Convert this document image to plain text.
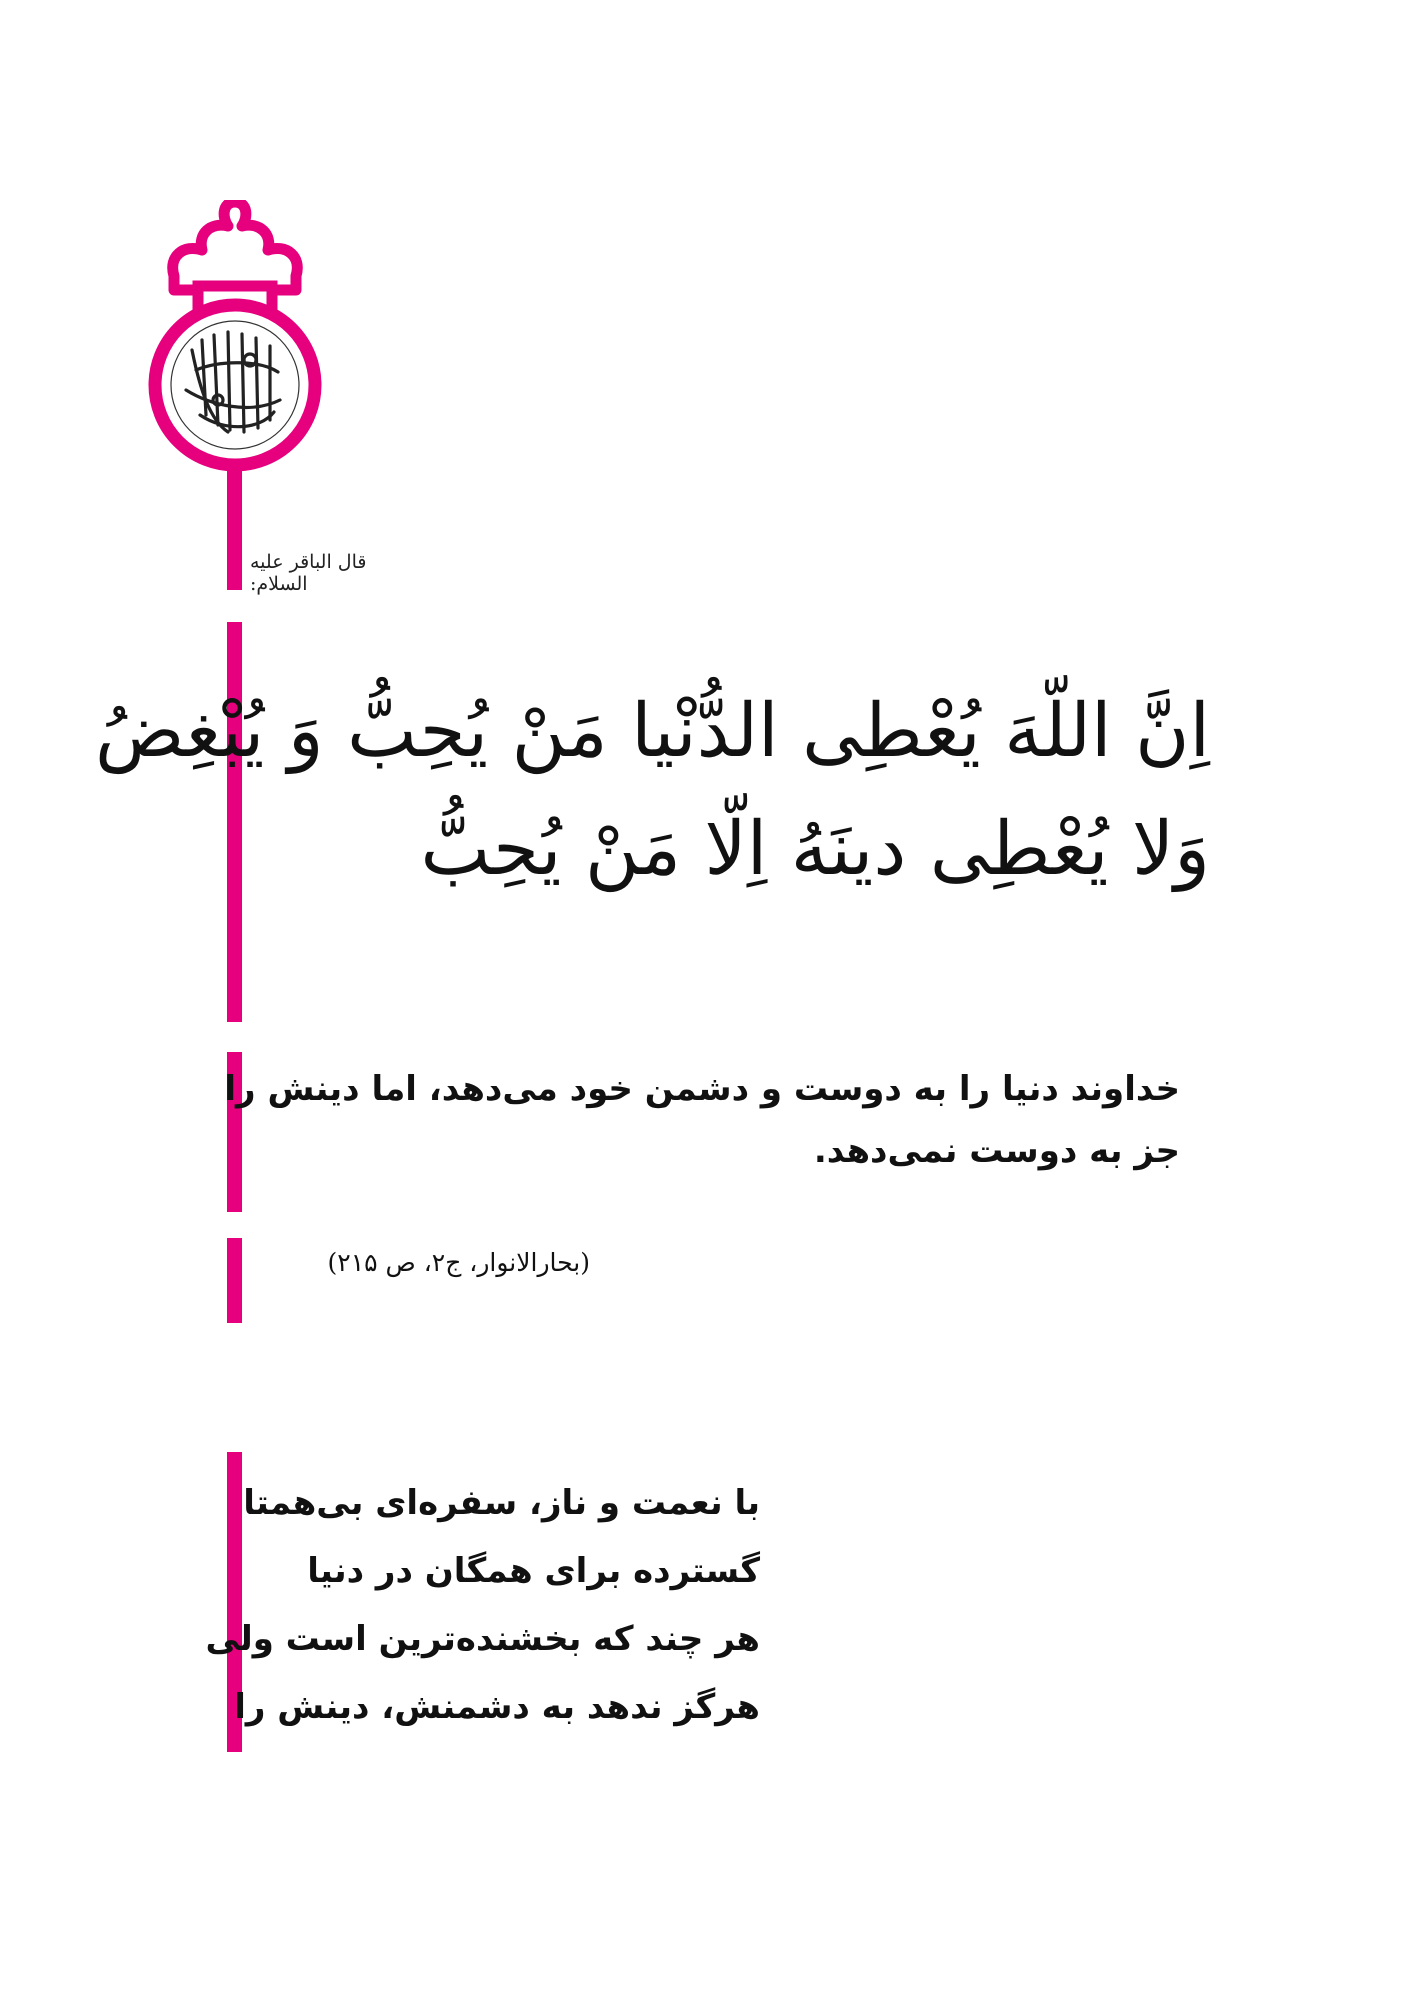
قال الباقر علیه السلام:
اِنَّ اللّهَ یُعْطِی الدُّنْیا مَنْ یُحِبُّ وَ یُبْغِضُ
وَلا یُعْطِی دینَهُ اِلّا مَنْ یُحِبُّ
خداوند دنیا را به دوست و دشمن خود می‌دهد، اما دینش را
جز به دوست نمی‌دهد.
(بحارالانوار، ج۲، ص ۲۱۵)
با نعمت و ناز، سفره‌ای بی‌همتا
گسترده برای همگان در دنیا
هر چند که بخشنده‌ترین است ولی
هرگز ندهد به دشمنش، دینش را
